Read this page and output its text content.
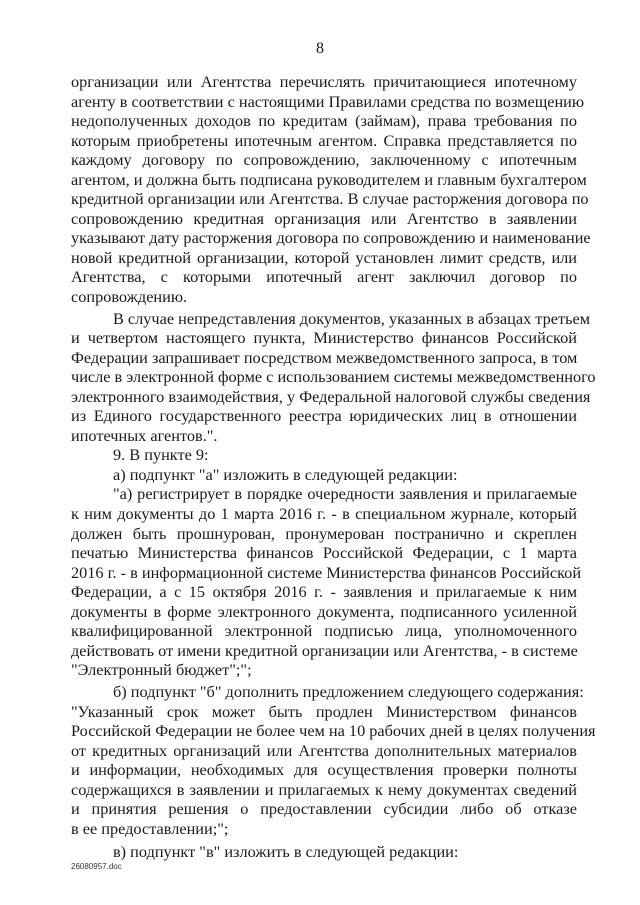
8
организации или Агентства перечислять причитающиеся ипотечному
агенту в соответствии с настоящими Правилами средства по возмещению
недополученных доходов по кредитам (займам), права требования по
которым приобретены ипотечным агентом. Справка представляется по
каждому договору по сопровождению, заключенному с ипотечным
агентом, и должна быть подписана руководителем и главным бухгалтером
кредитной организации или Агентства. В случае расторжения договора по
сопровождению кредитная организация или Агентство в заявлении
указывают дату расторжения договора по сопровождению и наименование
новой кредитной организации, которой установлен лимит средств, или
Агентства, с которыми ипотечный агент заключил договор по
сопровождению.
В случае непредставления документов, указанных в абзацах третьем
и четвертом настоящего пункта, Министерство финансов Российской
Федерации запрашивает посредством межведомственного запроса, в том
числе в электронной форме с использованием системы межведомственного
электронного взаимодействия, у Федеральной налоговой службы сведения
из Единого государственного реестра юридических лиц в отношении
ипотечных агентов.".
9. В пункте 9:
а) подпункт "а" изложить в следующей редакции:
"а) регистрирует в порядке очередности заявления и прилагаемые
к ним документы до 1 марта 2016 г. - в специальном журнале, который
должен быть прошнурован, пронумерован постранично и скреплен
печатью Министерства финансов Российской Федерации, с 1 марта
2016 г. - в информационной системе Министерства финансов Российской
Федерации, а с 15 октября 2016 г. - заявления и прилагаемые к ним
документы в форме электронного документа, подписанного усиленной
квалифицированной электронной подписью лица, уполномоченного
действовать от имени кредитной организации или Агентства, - в системе
"Электронный бюджет";";
б) подпункт "б" дополнить предложением следующего содержания:
"Указанный срок может быть продлен Министерством финансов
Российской Федерации не более чем на 10 рабочих дней в целях получения
от кредитных организаций или Агентства дополнительных материалов
и информации, необходимых для осуществления проверки полноты
содержащихся в заявлении и прилагаемых к нему документах сведений
и принятия решения о предоставлении субсидии либо об отказе
в ее предоставлении;";
в) подпункт "в" изложить в следующей редакции:
26080957.doc
